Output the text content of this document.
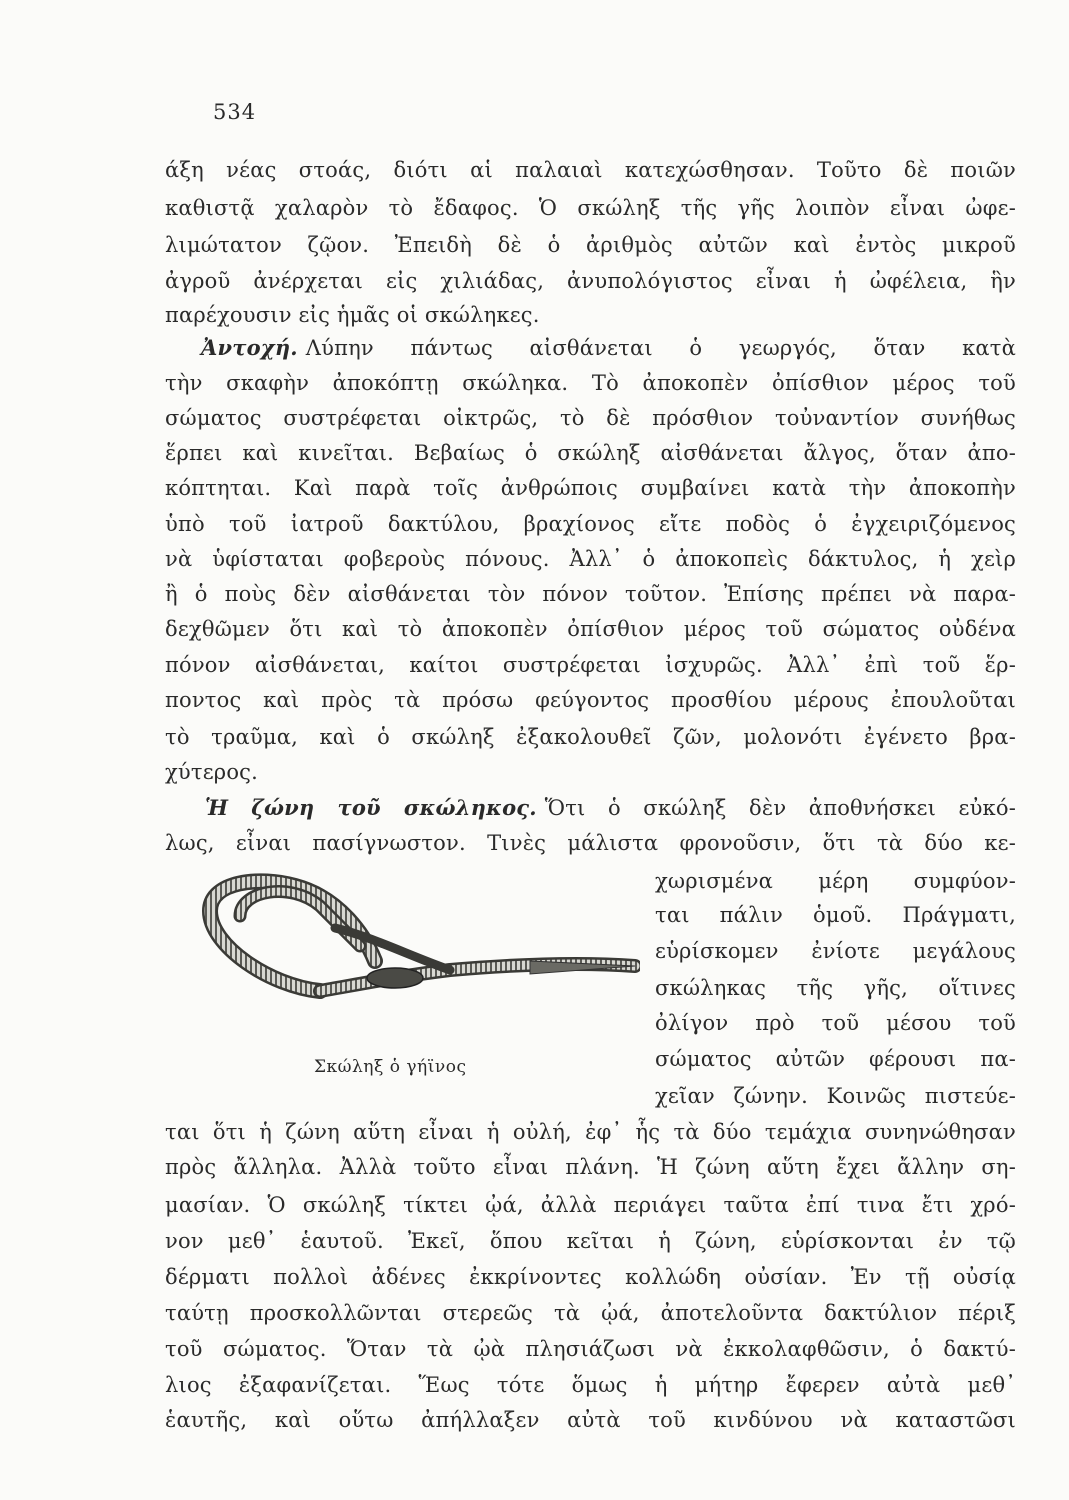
534
άξη νέας στοάς, διότι αἱ παλαιαὶ κατεχώσθησαν. Τοῦτο δὲ ποιῶν
καθιστᾷ χαλαρὸν τὸ ἔδαφος. Ὁ σκώληξ τῆς γῆς λοιπὸν εἶναι ὠφε-
λιμώτατον ζῷον. Ἐπειδὴ δὲ ὁ ἀριθμὸς αὐτῶν καὶ ἐντὸς μικροῦ
ἀγροῦ ἀνέρχεται εἰς χιλιάδας, ἀνυπολόγιστος εἶναι ἡ ὠφέλεια, ἣν
παρέχουσιν εἰς ἡμᾶς οἱ σκώληκες.
Ἀντοχή. Λύπην πάντως αἰσθάνεται ὁ γεωργός, ὅταν κατὰ
τὴν σκαφὴν ἀποκόπτῃ σκώληκα. Τὸ ἀποκοπὲν ὀπίσθιον μέρος τοῦ
σώματος συστρέφεται οἰκτρῶς, τὸ δὲ πρόσθιον τοὐναντίον συνήθως
ἕρπει καὶ κινεῖται. Βεβαίως ὁ σκώληξ αἰσθάνεται ἄλγος, ὅταν ἀπο-
κόπτηται. Καὶ παρὰ τοῖς ἀνθρώποις συμβαίνει κατὰ τὴν ἀποκοπὴν
ὑπὸ τοῦ ἰατροῦ δακτύλου, βραχίονος εἴτε ποδὸς ὁ ἐγχειριζόμενος
νὰ ὑφίσταται φοβεροὺς πόνους. Ἀλλ᾽ ὁ ἀποκοπεὶς δάκτυλος, ἡ χεὶρ
ἢ ὁ ποὺς δὲν αἰσθάνεται τὸν πόνον τοῦτον. Ἐπίσης πρέπει νὰ παρα-
δεχθῶμεν ὅτι καὶ τὸ ἀποκοπὲν ὀπίσθιον μέρος τοῦ σώματος οὐδένα
πόνον αἰσθάνεται, καίτοι συστρέφεται ἰσχυρῶς. Ἀλλ᾽ ἐπὶ τοῦ ἕρ-
ποντος καὶ πρὸς τὰ πρόσω φεύγοντος προσθίου μέρους ἐπουλοῦται
τὸ τραῦμα, καὶ ὁ σκώληξ ἐξακολουθεῖ ζῶν, μολονότι ἐγένετο βρα-
χύτερος.
Ἡ ζώνη τοῦ σκώληκος. Ὅτι ὁ σκώληξ δὲν ἀποθνήσκει εὐκό-
λως, εἶναι πασίγνωστον. Τινὲς μάλιστα φρονοῦσιν, ὅτι τὰ δύο κε-
χωρισμένα μέρη συμφύον-
ται πάλιν ὁμοῦ. Πράγματι,
εὑρίσκομεν ἐνίοτε μεγάλους
σκώληκας τῆς γῆς, οἵτινες
ὀλίγον πρὸ τοῦ μέσου τοῦ
σώματος αὐτῶν φέρουσι πα-
χεῖαν ζώνην. Κοινῶς πιστεύε-
Σκώληξ ὁ γήϊνος
ται ὅτι ἡ ζώνη αὕτη εἶναι ἡ οὐλή, ἐφ᾽ ἧς τὰ δύο τεμάχια συνηνώθησαν
πρὸς ἄλληλα. Ἀλλὰ τοῦτο εἶναι πλάνη. Ἡ ζώνη αὕτη ἔχει ἄλλην ση-
μασίαν. Ὁ σκώληξ τίκτει ᾠά, ἀλλὰ περιάγει ταῦτα ἐπί τινα ἔτι χρό-
νον μεθ᾽ ἑαυτοῦ. Ἐκεῖ, ὅπου κεῖται ἡ ζώνη, εὑρίσκονται ἐν τῷ
δέρματι πολλοὶ ἀδένες ἐκκρίνοντες κολλώδη οὐσίαν. Ἐν τῇ οὐσίᾳ
ταύτῃ προσκολλῶνται στερεῶς τὰ ᾠά, ἀποτελοῦντα δακτύλιον πέριξ
τοῦ σώματος. Ὅταν τὰ ᾠὰ πλησιάζωσι νὰ ἐκκολαφθῶσιν, ὁ δακτύ-
λιος ἐξαφανίζεται. Ἕως τότε ὅμως ἡ μήτηρ ἔφερεν αὐτὰ μεθ᾽
ἑαυτῆς, καὶ οὕτω ἀπήλλαξεν αὐτὰ τοῦ κινδύνου νὰ καταστῶσι
